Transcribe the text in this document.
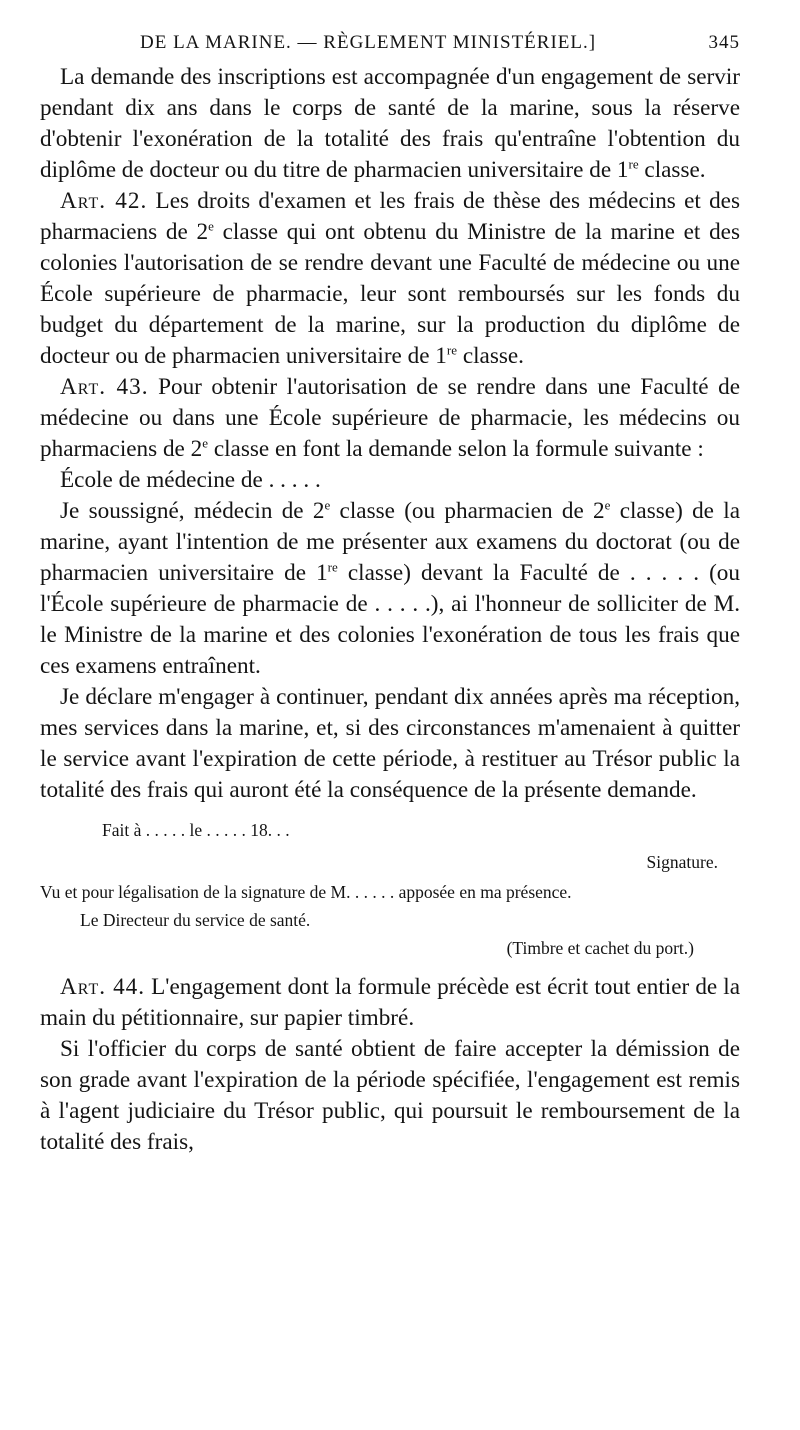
DE LA MARINE. — RÈGLEMENT MINISTÉRIEL.]	345

La demande des inscriptions est accompagnée d'un engagement de servir pendant dix ans dans le corps de santé de la marine, sous la réserve d'obtenir l'exonération de la totalité des frais qu'entraîne l'obtention du diplôme de docteur ou du titre de pharmacien universitaire de 1re classe.

Art. 42. Les droits d'examen et les frais de thèse des médecins et des pharmaciens de 2e classe qui ont obtenu du Ministre de la marine et des colonies l'autorisation de se rendre devant une Faculté de médecine ou une École supérieure de pharmacie, leur sont remboursés sur les fonds du budget du département de la marine, sur la production du diplôme de docteur ou de pharmacien universitaire de 1re classe.

Art. 43. Pour obtenir l'autorisation de se rendre dans une Faculté de médecine ou dans une École supérieure de pharmacie, les médecins ou pharmaciens de 2e classe en font la demande selon la formule suivante :

École de médecine de . . . . .

Je soussigné, médecin de 2e classe (ou pharmacien de 2e classe) de la marine, ayant l'intention de me présenter aux examens du doctorat (ou de pharmacien universitaire de 1re classe) devant la Faculté de . . . . . (ou l'École supérieure de pharmacie de . . . . .), ai l'honneur de solliciter de M. le Ministre de la marine et des colonies l'exonération de tous les frais que ces examens entraînent.

Je déclare m'engager à continuer, pendant dix années après ma réception, mes services dans la marine, et, si des circonstances m'amenaient à quitter le service avant l'expiration de cette période, à restituer au Trésor public la totalité des frais qui auront été la conséquence de la présente demande.

Fait à . . . . . le . . . . . 18. . .
Signature.
Vu et pour légalisation de la signature de M. . . . . . apposée en ma présence.
Le Directeur du service de santé.
(Timbre et cachet du port.)

Art. 44. L'engagement dont la formule précède est écrit tout entier de la main du pétitionnaire, sur papier timbré.

Si l'officier du corps de santé obtient de faire accepter la démission de son grade avant l'expiration de la période spécifiée, l'engagement est remis à l'agent judiciaire du Trésor public, qui poursuit le remboursement de la totalité des frais,
